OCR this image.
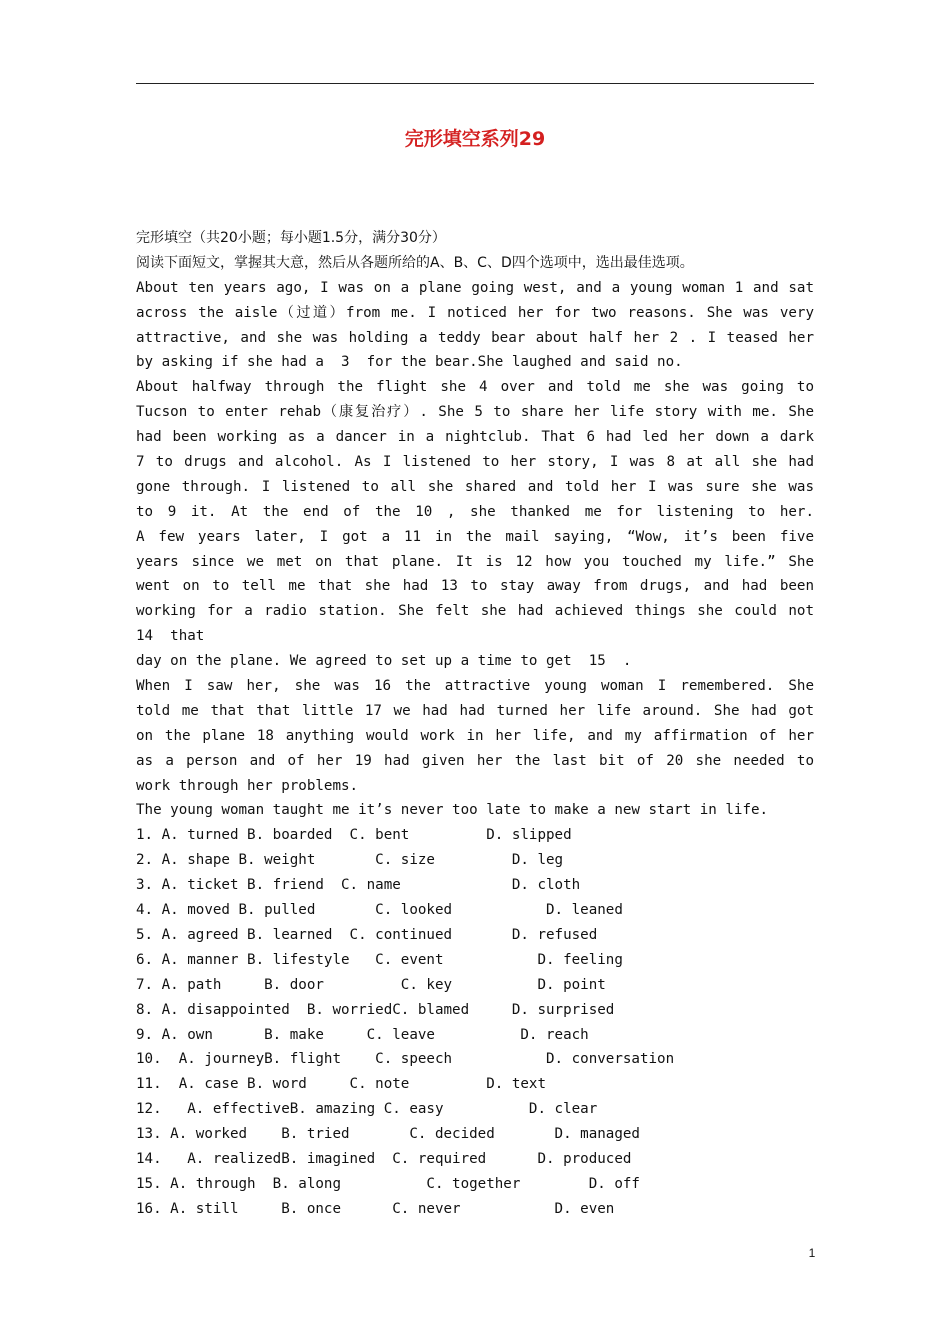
完形填空系列29
完形填空（共20小题；每小题1.5分，满分30分）
阅读下面短文，掌握其大意，然后从各题所给的A、B、C、D四个选项中，选出最佳选项。
About ten years ago, I was on a plane going west, and a young woman 1 and sat
across the aisle（过道）from me. I noticed her for two reasons. She was very
attractive, and she was holding a teddy bear about half her 2 . I teased her
by asking if she had a  3  for the bear.She laughed and said no.
About halfway through the flight she 4 over and told me she was going to
Tucson to enter rehab（康复治疗）. She 5 to share her life story with me. She
had been working as a dancer in a nightclub. That 6 had led her down a dark
7 to drugs and alcohol. As I listened to her story, I was 8 at all she had
gone through. I listened to all she shared and told her I was sure she was
to 9 it. At the end of the 10 , she thanked me for listening to her.
A few years later, I got a 11 in the mail saying, “Wow, it’s been five
years since we met on that plane. It is 12 how you touched my life.” She
went on to tell me that she had 13 to stay away from drugs, and had been
working for a radio station. She felt she had achieved things she could not
14  that
day on the plane. We agreed to set up a time to get  15  .
When I saw her, she was 16 the attractive young woman I remembered. She
told me that that little 17 we had had turned her life around. She had got
on the plane 18 anything would work in her life, and my affirmation of her
as a person and of her 19 had given her the last bit of 20 she needed to
work through her problems.
The young woman taught me it’s never too late to make a new start in life.
1. A. turned B. boarded  C. bent         D. slipped
2. A. shape B. weight       C. size         D. leg
3. A. ticket B. friend  C. name             D. cloth
4. A. moved B. pulled       C. looked           D. leaned
5. A. agreed B. learned  C. continued       D. refused
6. A. manner B. lifestyle   C. event           D. feeling
7. A. path     B. door         C. key          D. point
8. A. disappointed  B. worriedC. blamed     D. surprised
9. A. own      B. make     C. leave          D. reach
10.  A. journeyB. flight    C. speech           D. conversation
11.  A. case B. word     C. note         D. text
12.   A. effectiveB. amazing C. easy          D. clear
13. A. worked    B. tried       C. decided       D. managed
14.   A. realizedB. imagined  C. required      D. produced
15. A. through  B. along          C. together        D. off
16. A. still     B. once      C. never           D. even
1
